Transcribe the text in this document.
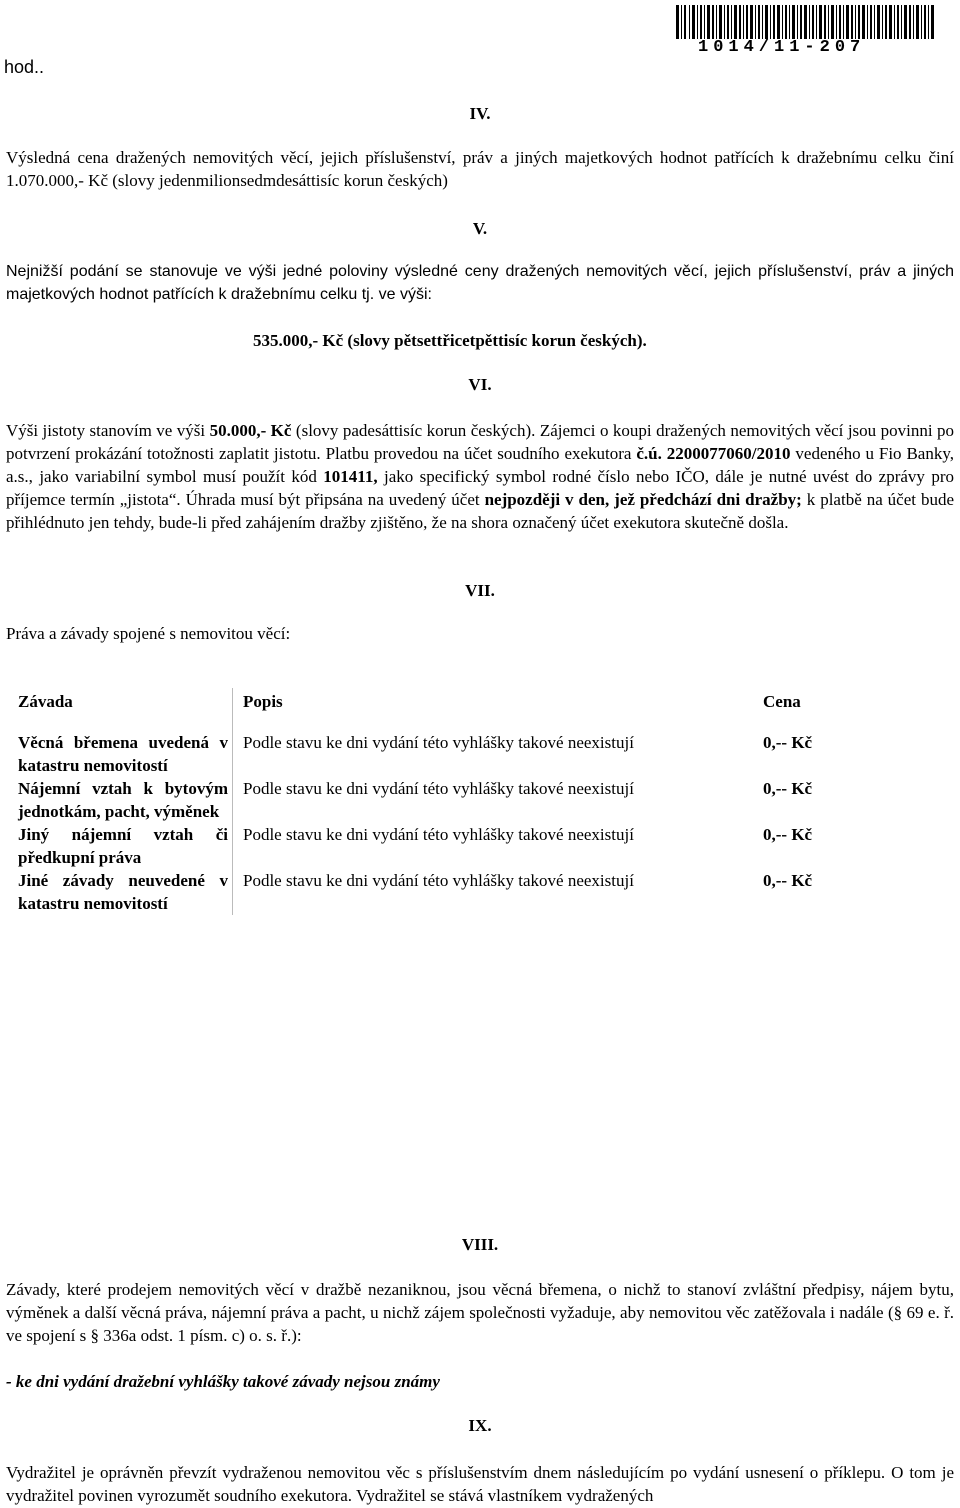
hod..
1014/11-207
IV.
Výsledná cena dražených nemovitých věcí, jejich příslušenství, práv a jiných majetkových hodnot patřících k dražebnímu celku činí 1.070.000,- Kč (slovy jedenmilionsedmdesáttisíc korun českých)
V.
Nejnižší podání se stanovuje ve výši jedné poloviny výsledné ceny dražených nemovitých věcí, jejich příslušenství, práv a jiných majetkových hodnot patřících k dražebnímu celku tj. ve výši:
535.000,- Kč (slovy pětsettřicetpěttisíc korun českých).
VI.
Výši jistoty stanovím ve výši 50.000,- Kč (slovy padesáttisíc korun českých). Zájemci o koupi dražených nemovitých věcí jsou povinni po potvrzení prokázání totožnosti zaplatit jistotu. Platbu provedou na účet soudního exekutora č.ú. 2200077060/2010 vedeného u Fio Banky, a.s., jako variabilní symbol musí použít kód 101411, jako specifický symbol rodné číslo nebo IČO, dále je nutné uvést do zprávy pro příjemce termín „jistota“. Úhrada musí být připsána na uvedený účet nejpozději v den, jež předchází dni dražby; k platbě na účet bude přihlédnuto jen tehdy, bude-li před zahájením dražby zjištěno, že na shora označený účet exekutora skutečně došla.
VII.
Práva a závady spojené s nemovitou věcí:
Závada	Popis	Cena
Věcná břemena uvedená v katastru nemovitostí	Podle stavu ke dni vydání této vyhlášky takové neexistují	0,-- Kč
Nájemní vztah k bytovým jednotkám, pacht, výměnek	Podle stavu ke dni vydání této vyhlášky takové neexistují	0,-- Kč
Jiný nájemní vztah či předkupní práva	Podle stavu ke dni vydání této vyhlášky takové neexistují	0,-- Kč
Jiné závady neuvedené v katastru nemovitostí	Podle stavu ke dni vydání této vyhlášky takové neexistují	0,-- Kč
VIII.
Závady, které prodejem nemovitých věcí v dražbě nezaniknou, jsou věcná břemena, o nichž to stanoví zvláštní předpisy, nájem bytu, výměnek a další věcná práva, nájemní práva a pacht, u nichž zájem společnosti vyžaduje, aby nemovitou věc zatěžovala i nadále (§ 69 e. ř. ve spojení s § 336a odst. 1 písm. c) o. s. ř.):
- ke dni vydání dražební vyhlášky takové závady nejsou známy
IX.
Vydražitel je oprávněn převzít vydraženou nemovitou věc s příslušenstvím dnem následujícím po vydání usnesení o příklepu. O tom je vydražitel povinen vyrozumět soudního exekutora. Vydražitel se stává vlastníkem vydražených
